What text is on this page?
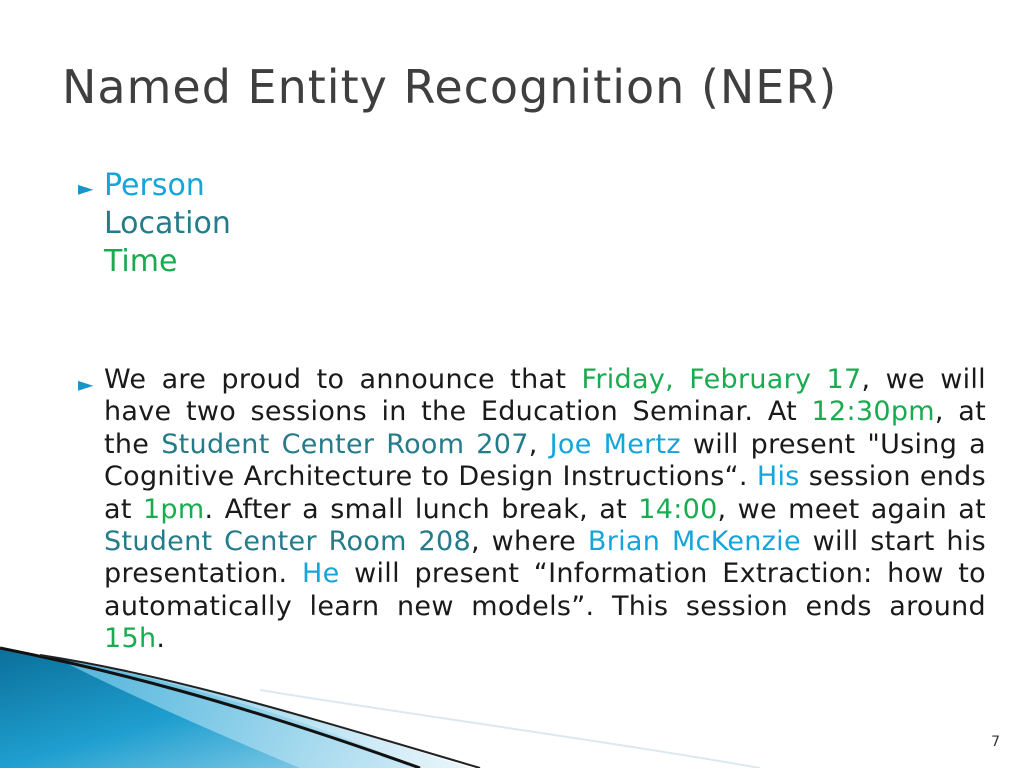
Named Entity Recognition (NER)
► Person
Location
Time
► We are proud to announce that Friday, February 17, we will have two sessions in the Education Seminar. At 12:30pm, at the Student Center Room 207, Joe Mertz will present "Using a Cognitive Architecture to Design Instructions“. His session ends at 1pm. After a small lunch break, at 14:00, we meet again at Student Center Room 208, where Brian McKenzie will start his presentation. He will present “Information Extraction: how to automatically learn new models”. This session ends around 15h.
7
